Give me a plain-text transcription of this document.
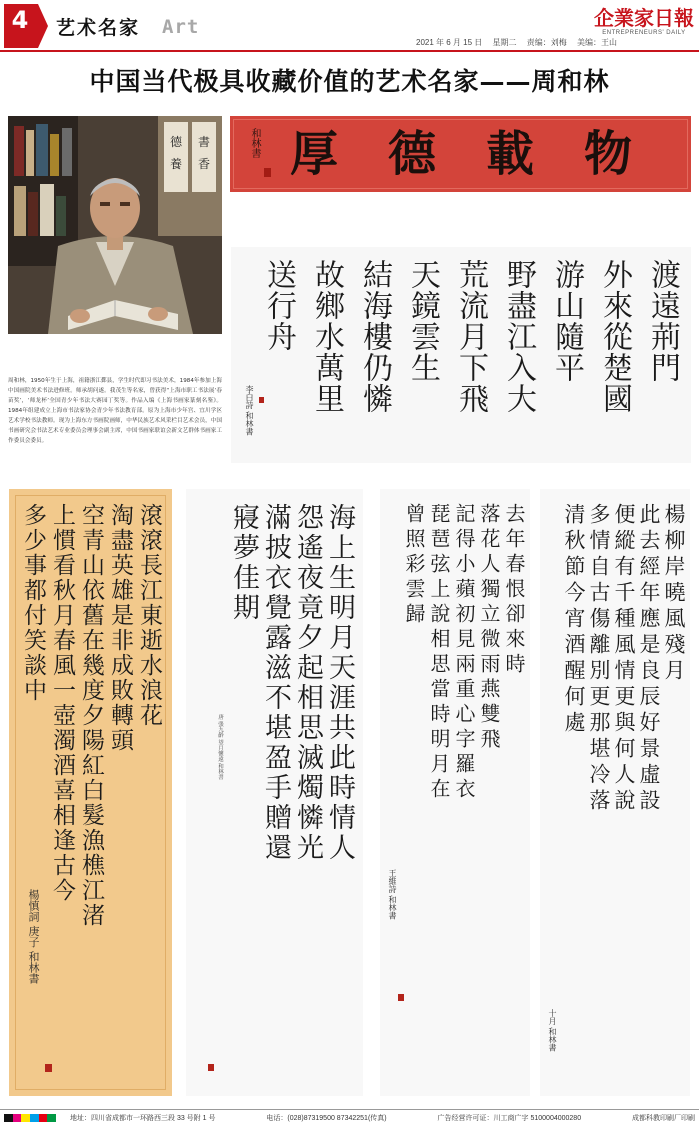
4	艺术名家 Art
2021 年 6 月 15 日 星期二 责编：刘梅 美编：王山
企業家日報
ENTREPRENEURS' DAILY
中国当代极具收藏价值的艺术名家——周和林
德 書
養 香
周和林，1950年生于上海，祖籍浙江鄞县，学生时代即习书法美术，1984年参加上海中国画院美术书法进修班。师承胡问遂。我茂生等名家，曾获得“上海市职工书法展‘春苗奖’，‘师龙杯’全国青少年书法大赛园丁奖等。作品入编《上海书画家篆刻名鉴》。1984年组建成立上海市书法家协会青少年书法教育部。原为上海市少年宫、宜川学区艺术学校书法教师。现为上海东方书画院画师，中华民族艺术风采栏目艺术会员，中国书画研究会书法艺术专业委员会理事会副主席，中国书画家联谊会新文艺群体书画家工作委员会委员。
和林書 厚德載物
渡遠荊門
外來從楚國
游山隨平
野盡江入大
荒流月下飛
天鏡雲生
結海樓仍憐
故鄉水萬里
送行舟
李白詩 和林書
滾滾長江東逝水浪花
淘盡英雄是非成敗轉頭
空青山依舊在幾度夕陽紅白髮漁樵江渚
上慣看秋月春風一壺濁酒喜相逢古今
多少事都付笑談中
楊慎詞 庚子 和林書
海上生明月天涯共此時情人
怨遙夜竟夕起相思滅燭憐光
滿披衣覺露滋不堪盈手贈還
寢夢佳期
唐 張九齡 望月懷遠 和林書
去年春恨卻來時
落花人獨立微雨燕雙飛
記得小蘋初見兩重心字羅衣
琵琶弦上說相思當時明月在
曾照彩雲歸
王維詩 和林書
楊柳岸曉風殘月
此去經年應是良辰好景虛設
便縱有千種風情更與何人說
多情自古傷離別更那堪冷落
清秋節今宵酒醒何處
十月 和林書
地址：四川省成都市一环路西三段 33 号附 1 号	电话：(028)87319500 87342251(传真)	广告经营许可证：川工商广字 5100004000280	成都科教印刷厂印刷
